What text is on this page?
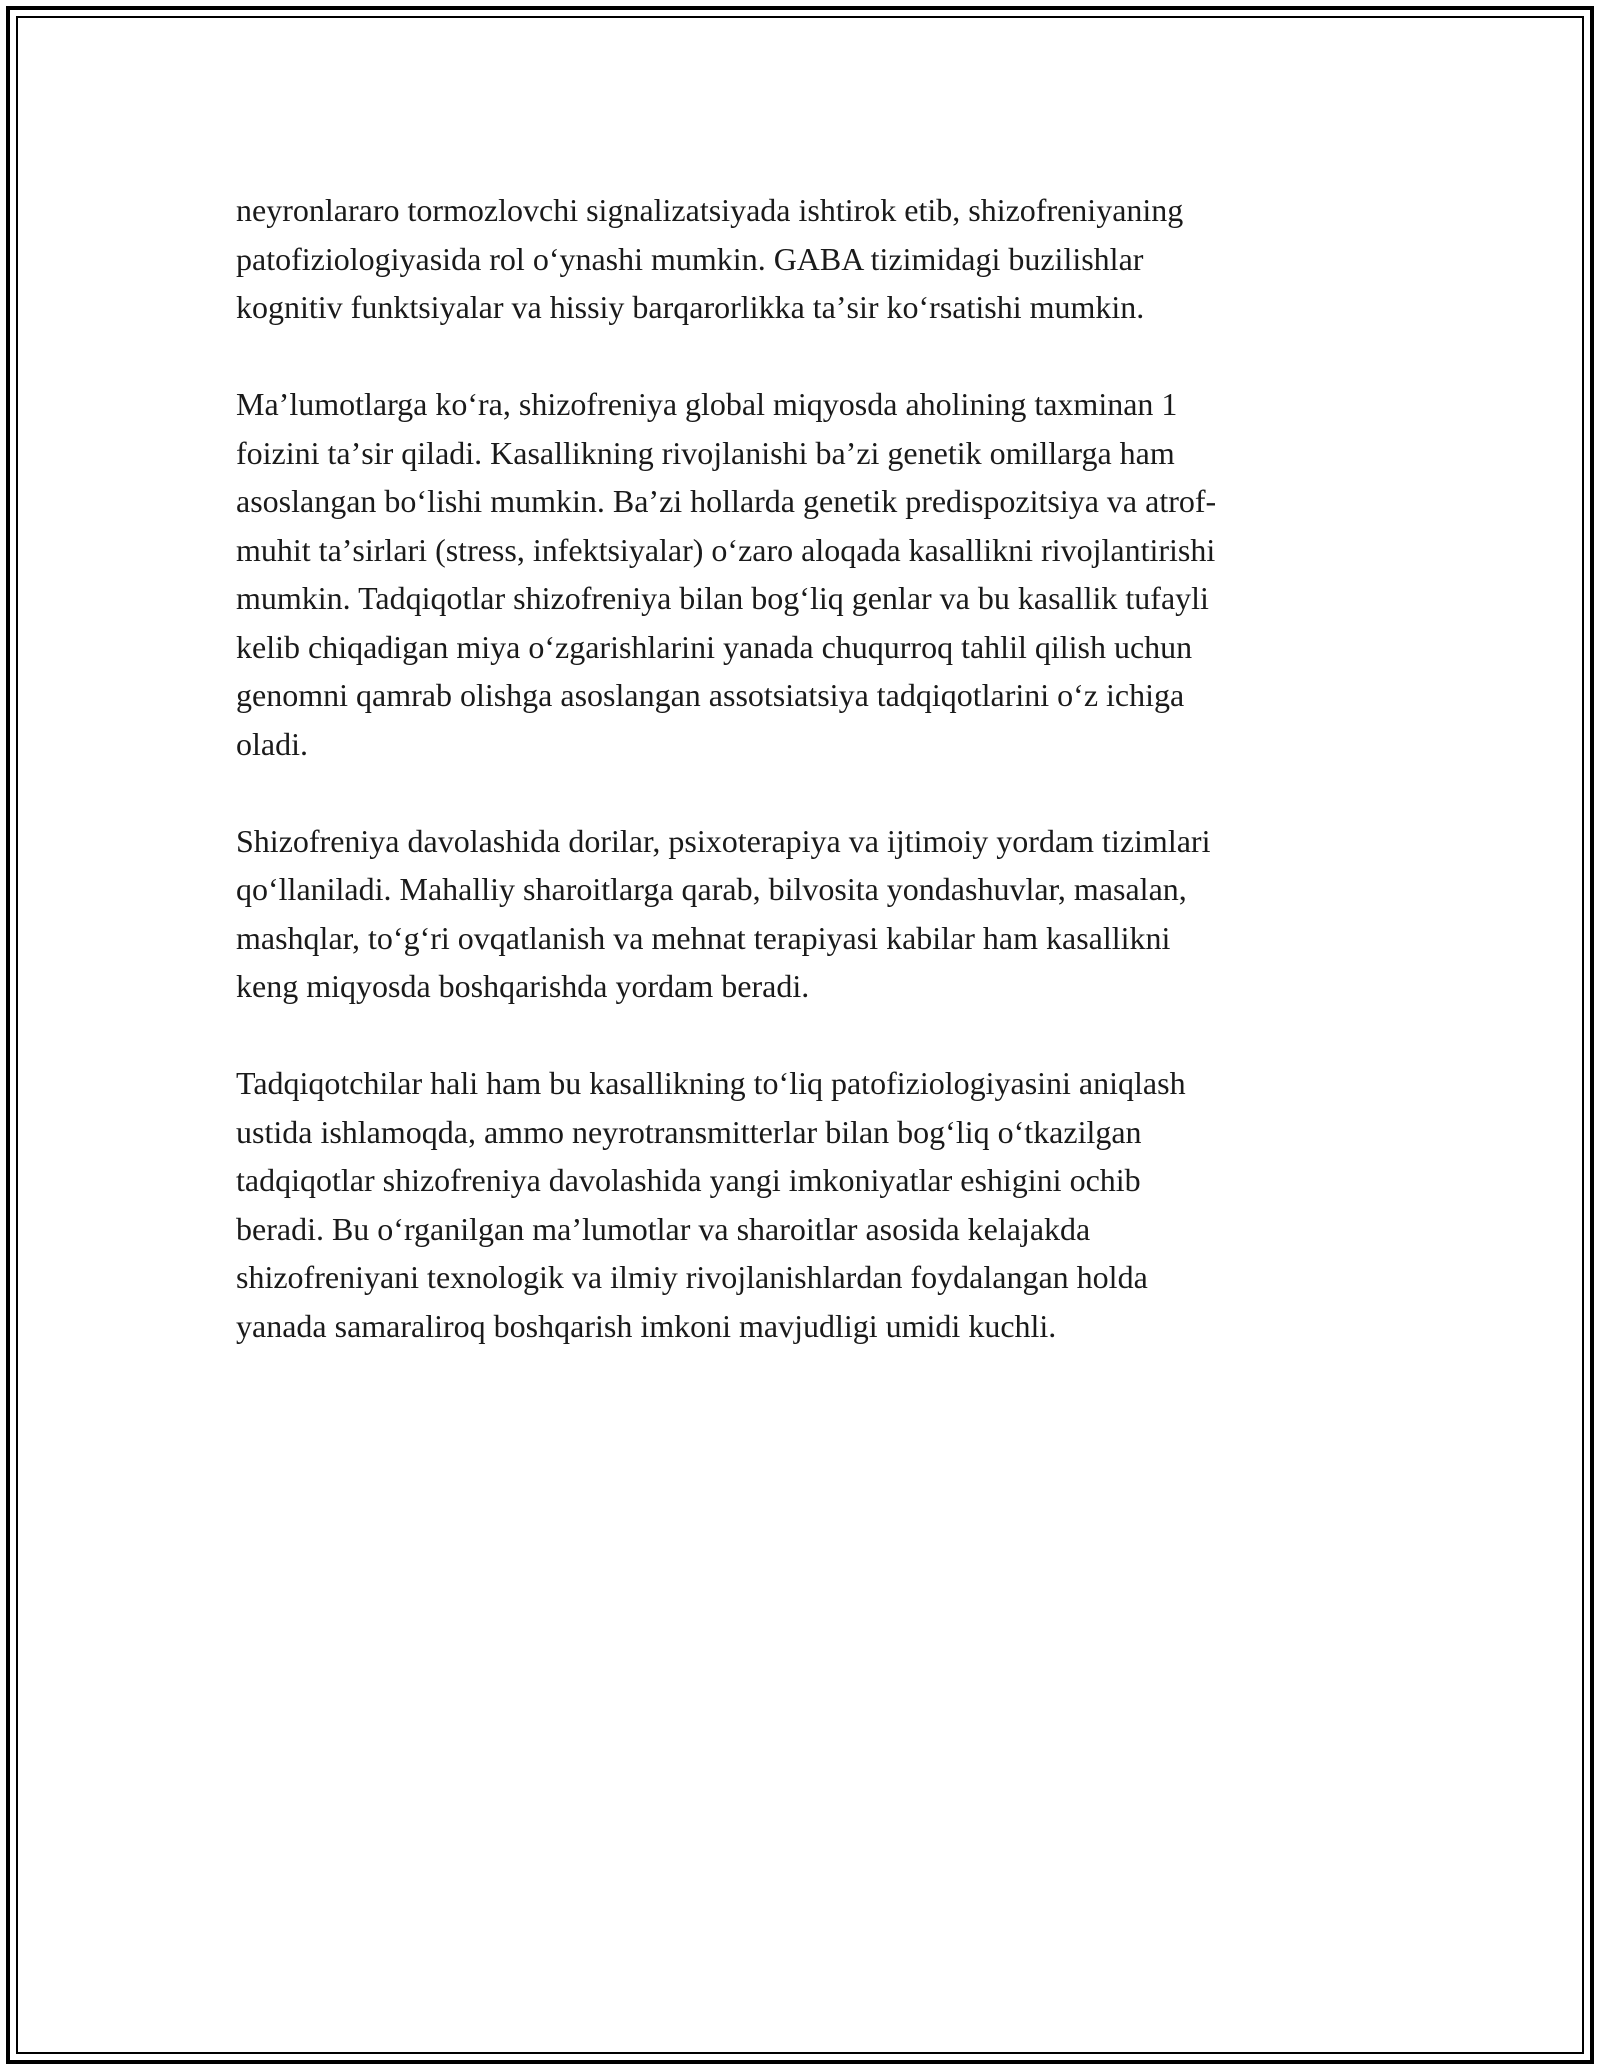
neyronlararo tormozlovchi signalizatsiyada ishtirok etib, shizofreniyaning
patofiziologiyasida rol oʻynashi mumkin. GABA tizimidagi buzilishlar
kognitiv funktsiyalar va hissiy barqarorlikka taʼsir koʻrsatishi mumkin.

Maʼlumotlarga koʻra, shizofreniya global miqyosda aholining taxminan 1
foizini taʼsir qiladi. Kasallikning rivojlanishi baʼzi genetik omillarga ham
asoslangan boʻlishi mumkin. Baʼzi hollarda genetik predispozitsiya va atrof-
muhit taʼsirlari (stress, infektsiyalar) oʻzaro aloqada kasallikni rivojlantirishi
mumkin. Tadqiqotlar shizofreniya bilan bogʻliq genlar va bu kasallik tufayli
kelib chiqadigan miya oʻzgarishlarini yanada chuqurroq tahlil qilish uchun
genomni qamrab olishga asoslangan assotsiatsiya tadqiqotlarini oʻz ichiga
oladi.

Shizofreniya davolashida dorilar, psixoterapiya va ijtimoiy yordam tizimlari
qoʻllaniladi. Mahalliy sharoitlarga qarab, bilvosita yondashuvlar, masalan,
mashqlar, toʻgʻri ovqatlanish va mehnat terapiyasi kabilar ham kasallikni
keng miqyosda boshqarishda yordam beradi.

Tadqiqotchilar hali ham bu kasallikning toʻliq patofiziologiyasini aniqlash
ustida ishlamoqda, ammo neyrotransmitterlar bilan bogʻliq oʻtkazilgan
tadqiqotlar shizofreniya davolashida yangi imkoniyatlar eshigini ochib
beradi. Bu oʻrganilgan maʼlumotlar va sharoitlar asosida kelajakda
shizofreniyani texnologik va ilmiy rivojlanishlardan foydalangan holda
yanada samaraliroq boshqarish imkoni mavjudligi umidi kuchli.
